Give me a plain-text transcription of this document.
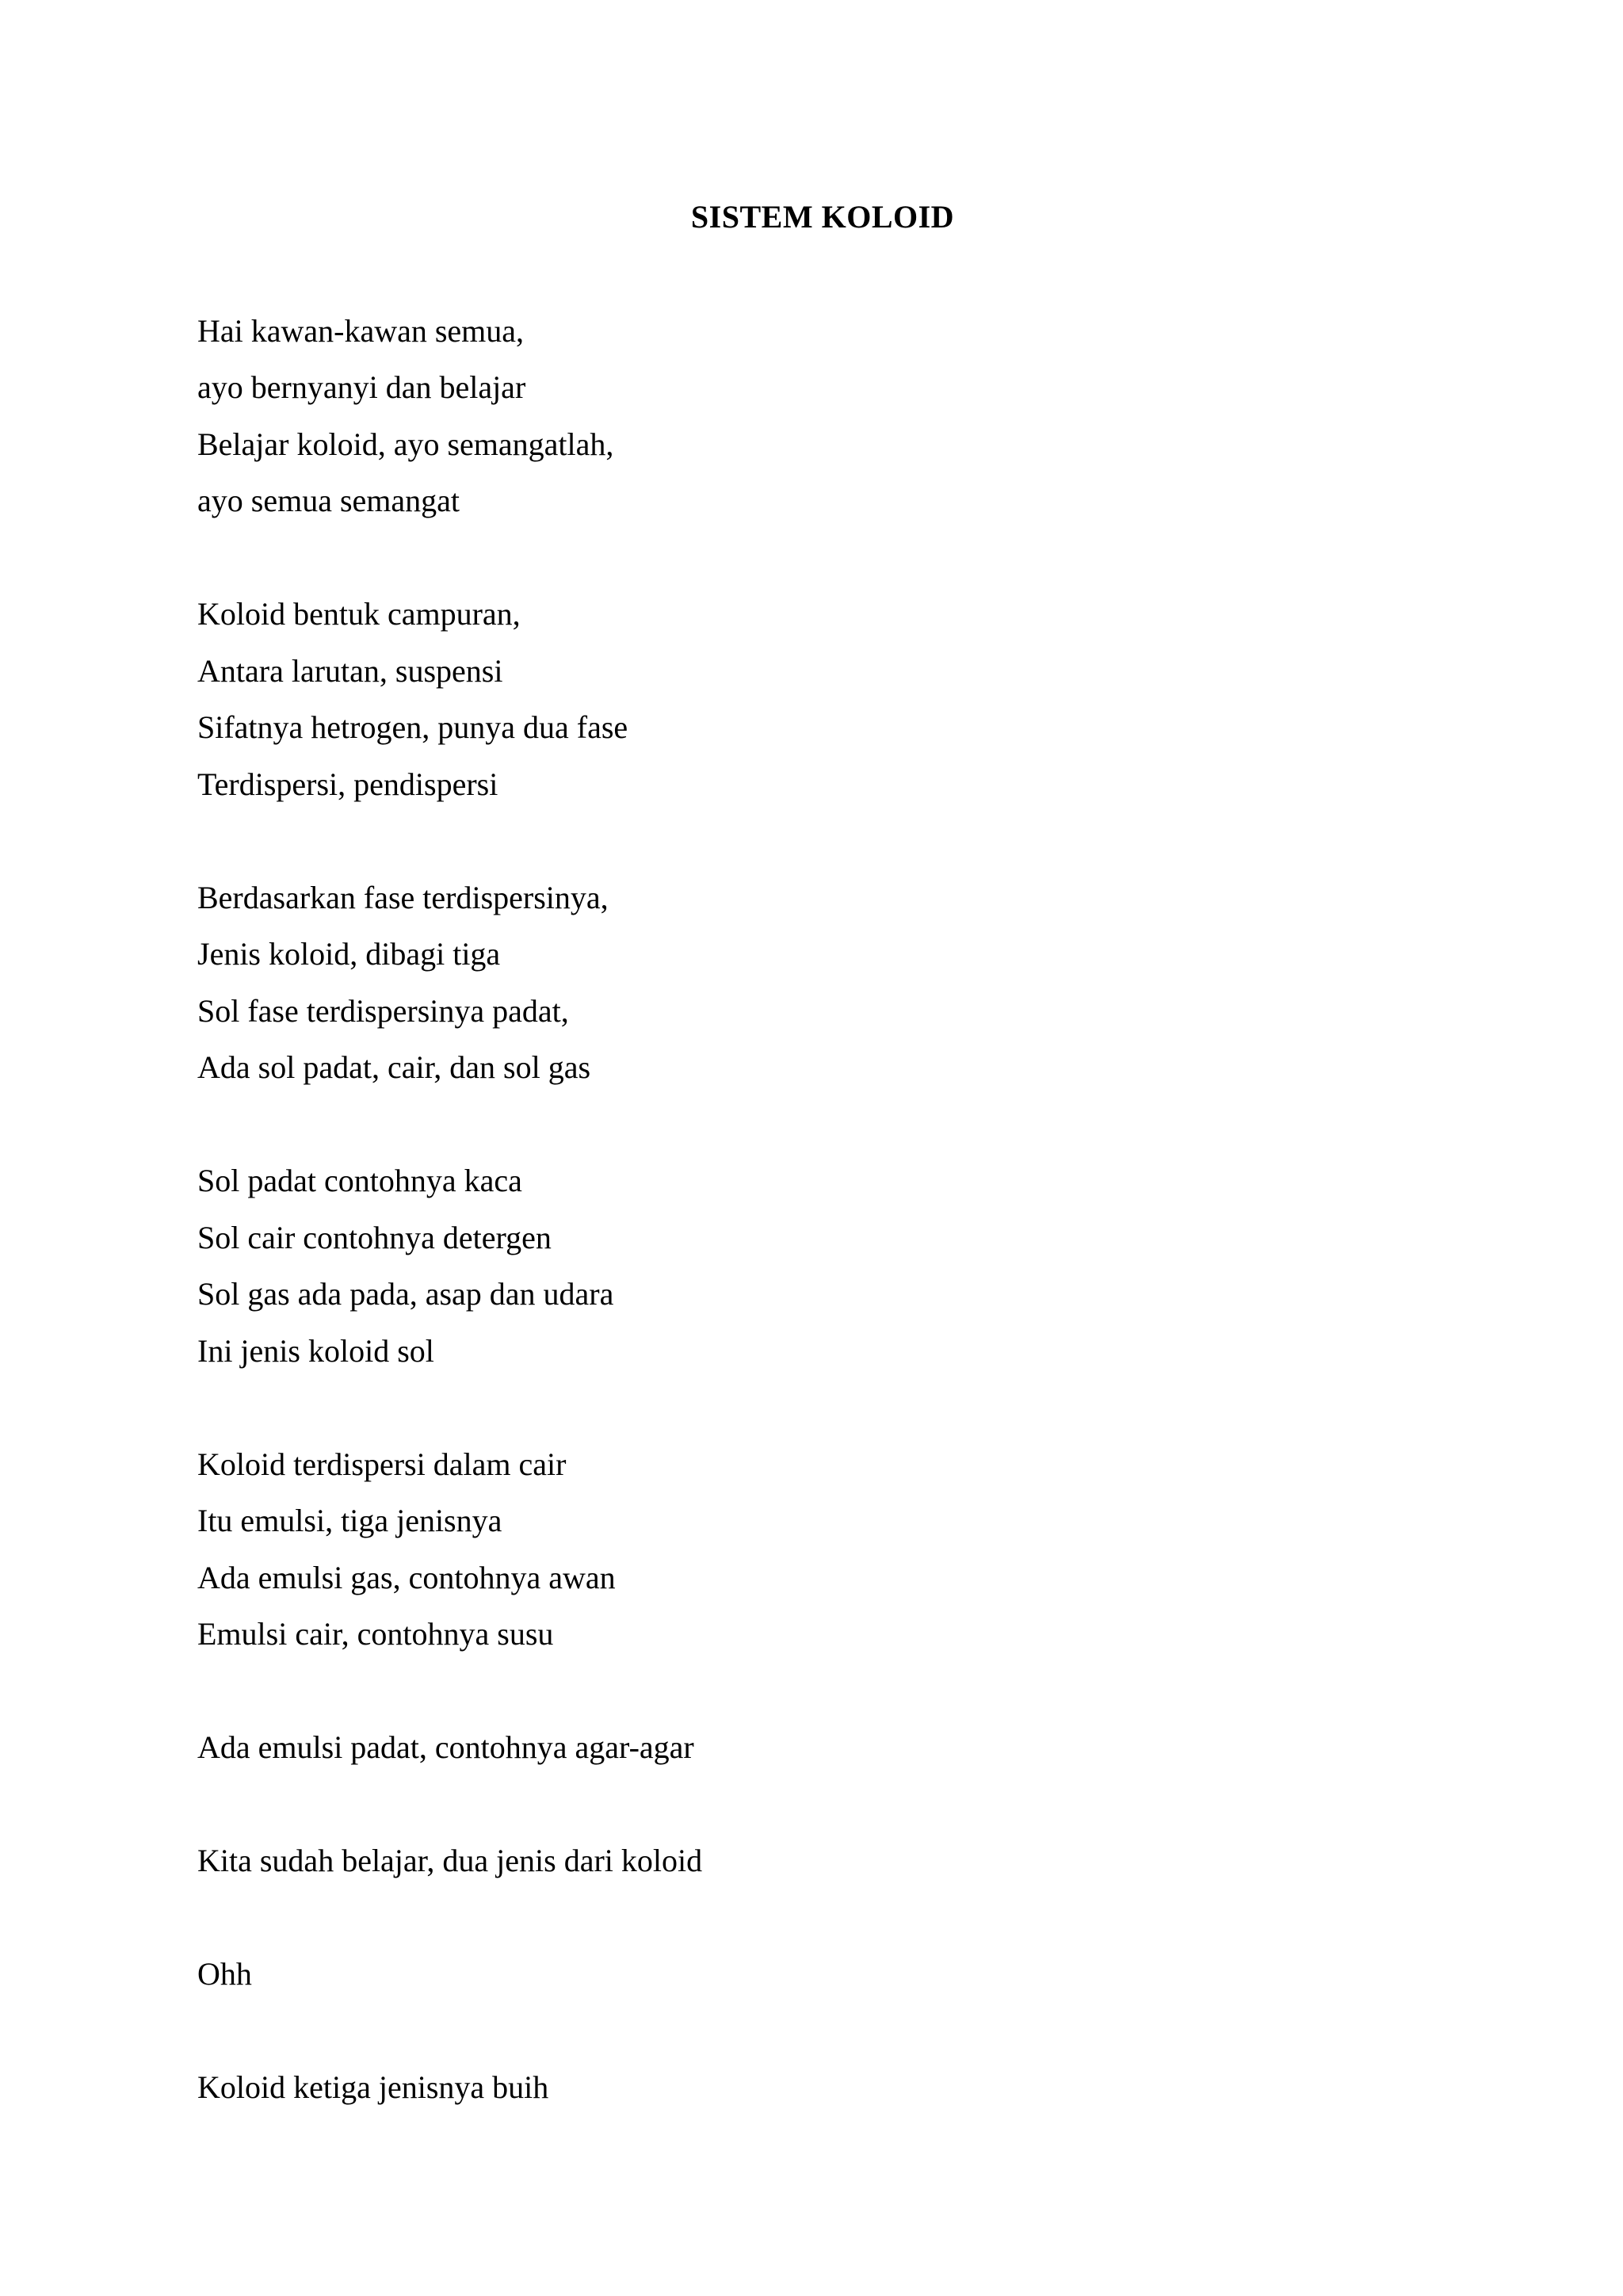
SISTEM KOLOID
Hai kawan-kawan semua,
ayo bernyanyi dan belajar
Belajar koloid, ayo semangatlah,
ayo semua semangat
Koloid bentuk campuran,
Antara larutan, suspensi
Sifatnya hetrogen, punya dua fase
Terdispersi, pendispersi
Berdasarkan fase terdispersinya,
Jenis koloid, dibagi tiga
Sol fase terdispersinya padat,
Ada sol padat, cair, dan sol gas
Sol padat contohnya kaca
Sol cair contohnya detergen
Sol gas ada pada, asap dan udara
Ini jenis koloid sol
Koloid terdispersi dalam cair
Itu emulsi, tiga jenisnya
Ada emulsi gas, contohnya awan
Emulsi cair, contohnya susu
Ada emulsi padat, contohnya agar-agar
Kita sudah belajar, dua jenis dari koloid
Ohh
Koloid ketiga jenisnya buih
